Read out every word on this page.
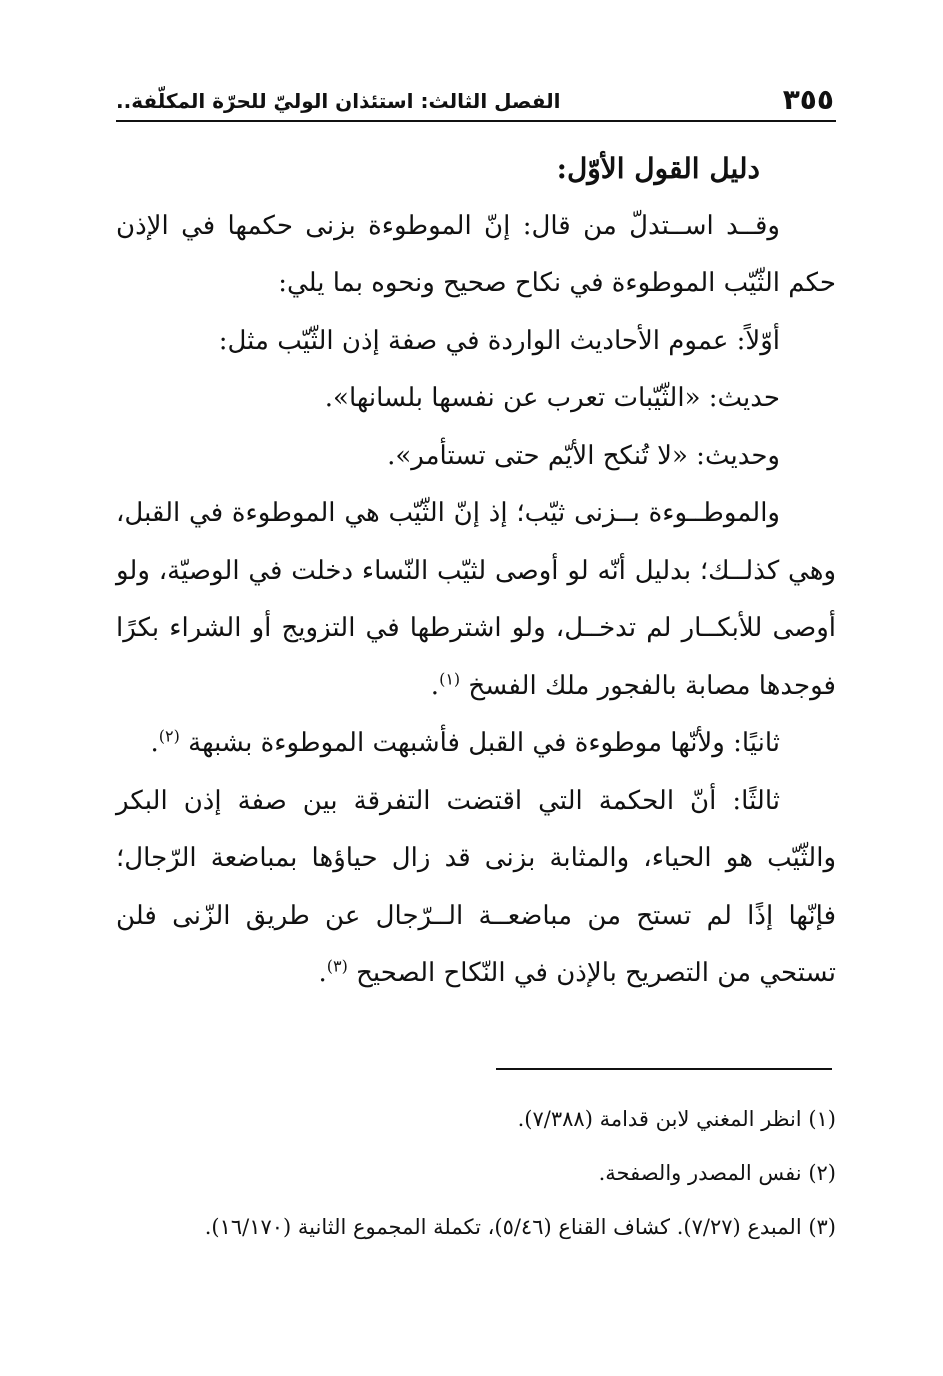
٣٥٥
الفصل الثالث: استئذان الوليّ للحرّة المكلّفة..

دليل القول الأوّل:

وقــد اســتدلّ من قال: إنّ الموطوءة بزنى حكمها في الإذن حكم الثّيّب الموطوءة في نكاح صحيح ونحوه بما يلي:

أوّلاً: عموم الأحاديث الواردة في صفة إذن الثّيّب مثل:

حديث: «الثّيّبات تعرب عن نفسها بلسانها».

وحديث: «لا تُنكح الأيّم حتى تستأمر».

والموطــوءة بــزنى ثيّب؛ إذ إنّ الثّيّب هي الموطوءة في القبل، وهي كذلــك؛ بدليل أنّه لو أوصى لثيّب النّساء دخلت في الوصيّة، ولو أوصى للأبكــار لم تدخــل، ولو اشترطها في التزويج أو الشراء بكرًا فوجدها مصابة بالفجور ملك الفسخ $^{(١)}$.

ثانيًا: ولأنّها موطوءة في القبل فأشبهت الموطوءة بشبهة $^{(٢)}$.

ثالثًا: أنّ الحكمة التي اقتضت التفرقة بين صفة إذن البكر والثّيّب هو الحياء، والمثابة بزنى قد زال حياؤها بمباضعة الرّجال؛ فإنّها إذًا لم تستح من مباضعــة الــرّجال عن طريق الزّنى فلن تستحي من التصريح بالإذن في النّكاح الصحيح $^{(٣)}$.

(١) انظر المغني لابن قدامة (٧/٣٨٨).

(٢) نفس المصدر والصفحة.

(٣) المبدع (٧/٢٧). كشاف القناع (٥/٤٦)، تكملة المجموع الثانية (١٦/١٧٠).
